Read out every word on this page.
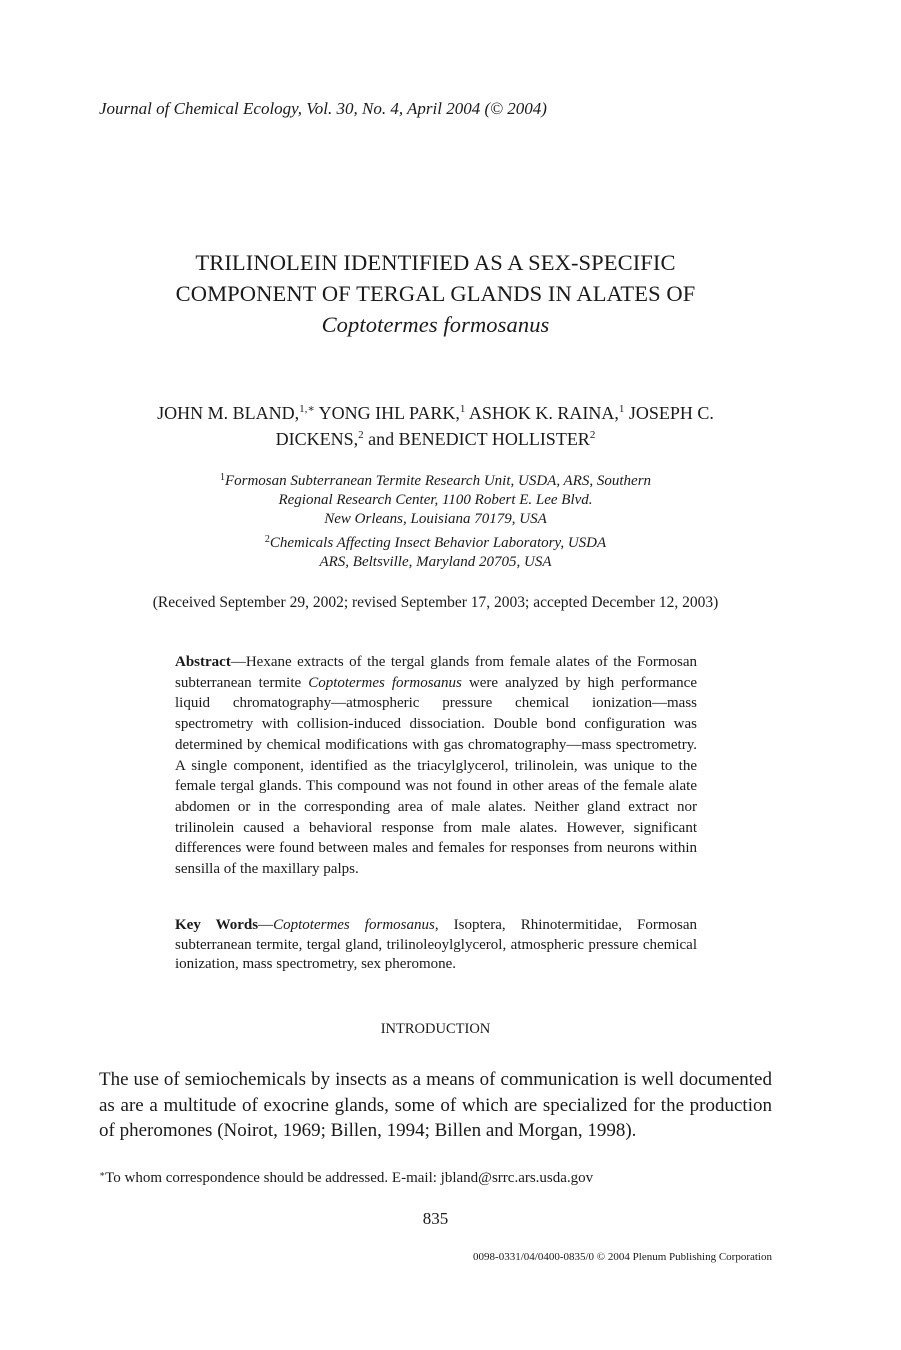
Journal of Chemical Ecology, Vol. 30, No. 4, April 2004 (© 2004)
TRILINOLEIN IDENTIFIED AS A SEX-SPECIFIC
COMPONENT OF TERGAL GLANDS IN ALATES OF
Coptotermes formosanus
JOHN M. BLAND,$^{1,∗}$ YONG IHL PARK,$^1$ ASHOK K. RAINA,$^1$ JOSEPH C.
DICKENS,$^2$ and BENEDICT HOLLISTER$^2$
$^1$Formosan Subterranean Termite Research Unit, USDA, ARS, Southern
Regional Research Center, 1100 Robert E. Lee Blvd.
New Orleans, Louisiana 70179, USA
$^2$Chemicals Affecting Insect Behavior Laboratory, USDA
ARS, Beltsville, Maryland 20705, USA
(Received September 29, 2002; revised September 17, 2003; accepted December 12, 2003)
Abstract—Hexane extracts of the tergal glands from female alates of the Formosan subterranean termite Coptotermes formosanus were analyzed by high performance liquid chromatography—atmospheric pressure chemical ionization—mass spectrometry with collision-induced dissociation. Double bond configuration was determined by chemical modifications with gas chromatography—mass spectrometry. A single component, identified as the triacylglycerol, trilinolein, was unique to the female tergal glands. This compound was not found in other areas of the female alate abdomen or in the corresponding area of male alates. Neither gland extract nor trilinolein caused a behavioral response from male alates. However, significant differences were found between males and females for responses from neurons within sensilla of the maxillary palps.
Key Words—Coptotermes formosanus, Isoptera, Rhinotermitidae, Formosan subterranean termite, tergal gland, trilinoleoylglycerol, atmospheric pressure chemical ionization, mass spectrometry, sex pheromone.
INTRODUCTION
The use of semiochemicals by insects as a means of communication is well documented as are a multitude of exocrine glands, some of which are specialized for the production of pheromones (Noirot, 1969; Billen, 1994; Billen and Morgan, 1998).
∗To whom correspondence should be addressed. E-mail: jbland@srrc.ars.usda.gov
835
0098-0331/04/0400-0835/0 © 2004 Plenum Publishing Corporation
